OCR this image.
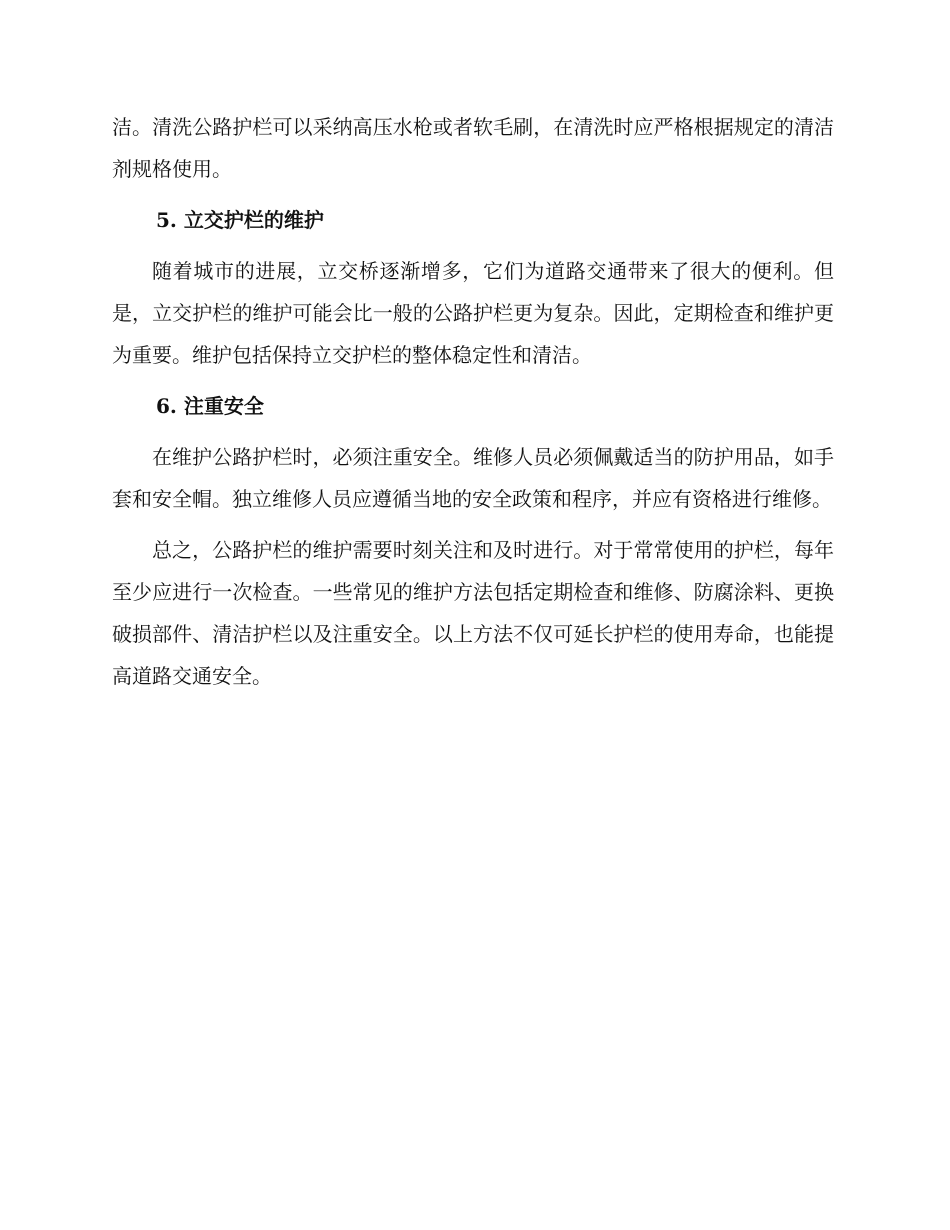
洁。清洗公路护栏可以采纳高压水枪或者软毛刷，在清洗时应严格根据规定的清洁剂规格使用。

5. 立交护栏的维护

随着城市的进展，立交桥逐渐增多，它们为道路交通带来了很大的便利。但是，立交护栏的维护可能会比一般的公路护栏更为复杂。因此，定期检查和维护更为重要。维护包括保持立交护栏的整体稳定性和清洁。

6. 注重安全

在维护公路护栏时，必须注重安全。维修人员必须佩戴适当的防护用品，如手套和安全帽。独立维修人员应遵循当地的安全政策和程序，并应有资格进行维修。

总之，公路护栏的维护需要时刻关注和及时进行。对于常常使用的护栏，每年至少应进行一次检查。一些常见的维护方法包括定期检查和维修、防腐涂料、更换破损部件、清洁护栏以及注重安全。以上方法不仅可延长护栏的使用寿命，也能提高道路交通安全。
